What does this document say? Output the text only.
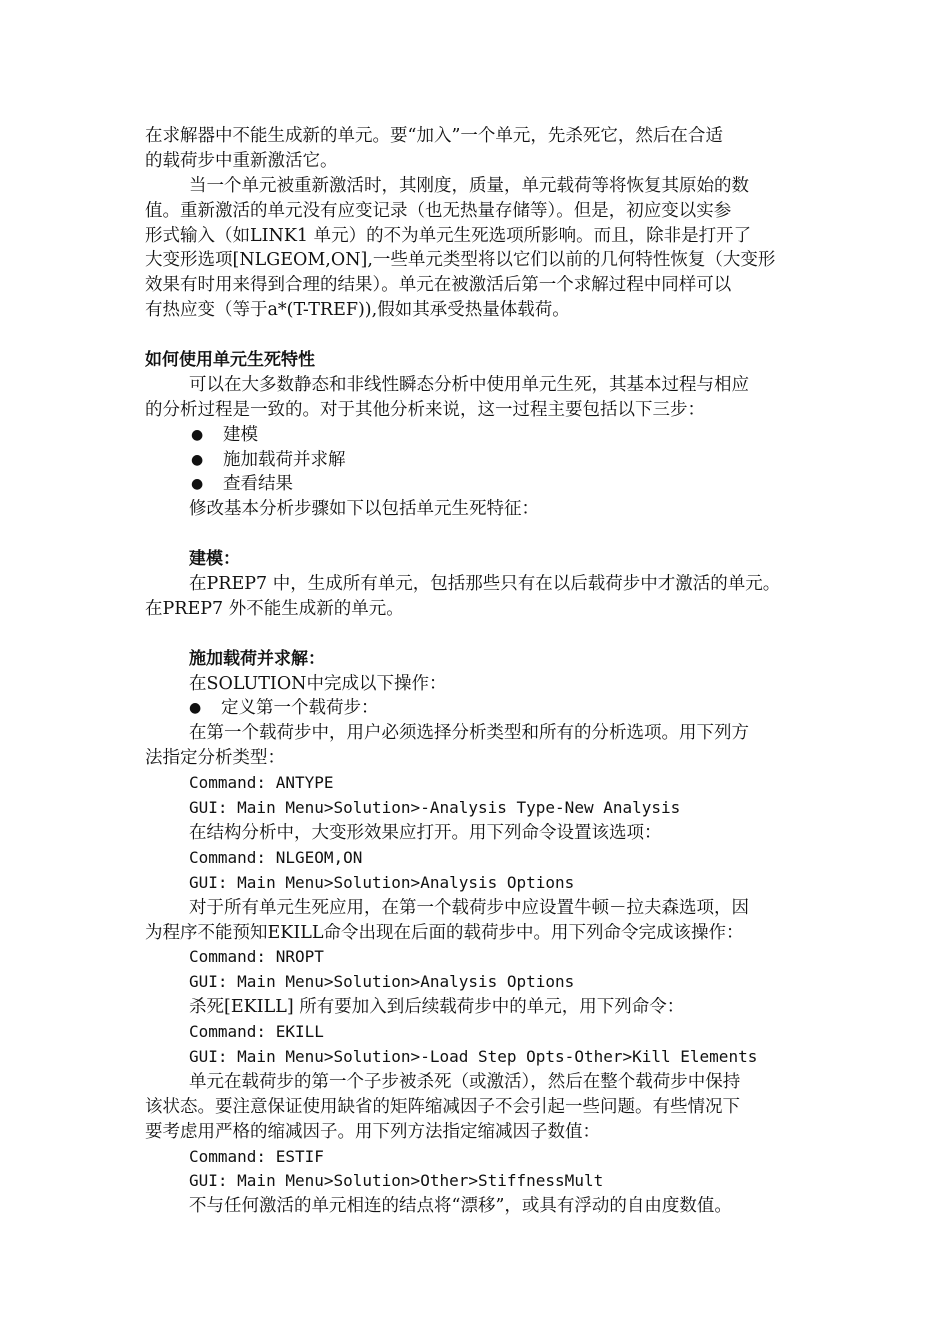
在求解器中不能生成新的单元。要“加入”一个单元，先杀死它，然后在合适
的载荷步中重新激活它。
当一个单元被重新激活时，其刚度，质量，单元载荷等将恢复其原始的数
值。重新激活的单元没有应变记录（也无热量存储等）。但是，初应变以实参
形式输入（如LINK1 单元）的不为单元生死选项所影响。而且，除非是打开了
大变形选项[NLGEOM,ON],一些单元类型将以它们以前的几何特性恢复（大变形
效果有时用来得到合理的结果）。单元在被激活后第一个求解过程中同样可以
有热应变（等于a*(T-TREF)),假如其承受热量体载荷。
如何使用单元生死特性
可以在大多数静态和非线性瞬态分析中使用单元生死，其基本过程与相应
的分析过程是一致的。对于其他分析来说，这一过程主要包括以下三步：
● 建模
● 施加载荷并求解
● 查看结果
修改基本分析步骤如下以包括单元生死特征：
建模：
在PREP7 中，生成所有单元，包括那些只有在以后载荷步中才激活的单元。
在PREP7 外不能生成新的单元。
施加载荷并求解：
在SOLUTION中完成以下操作：
● 定义第一个载荷步：
在第一个载荷步中，用户必须选择分析类型和所有的分析选项。用下列方
法指定分析类型：
Command: ANTYPE
GUI: Main Menu>Solution>-Analysis Type-New Analysis
在结构分析中，大变形效果应打开。用下列命令设置该选项：
Command: NLGEOM,ON
GUI: Main Menu>Solution>Analysis Options
对于所有单元生死应用，在第一个载荷步中应设置牛顿－拉夫森选项，因
为程序不能预知EKILL命令出现在后面的载荷步中。用下列命令完成该操作：
Command: NROPT
GUI: Main Menu>Solution>Analysis Options
杀死[EKILL] 所有要加入到后续载荷步中的单元，用下列命令：
Command: EKILL
GUI: Main Menu>Solution>-Load Step Opts-Other>Kill Elements
单元在载荷步的第一个子步被杀死（或激活），然后在整个载荷步中保持
该状态。要注意保证使用缺省的矩阵缩减因子不会引起一些问题。有些情况下
要考虑用严格的缩减因子。用下列方法指定缩减因子数值：
Command: ESTIF
GUI: Main Menu>Solution>Other>StiffnessMult
不与任何激活的单元相连的结点将“漂移”，或具有浮动的自由度数值。
